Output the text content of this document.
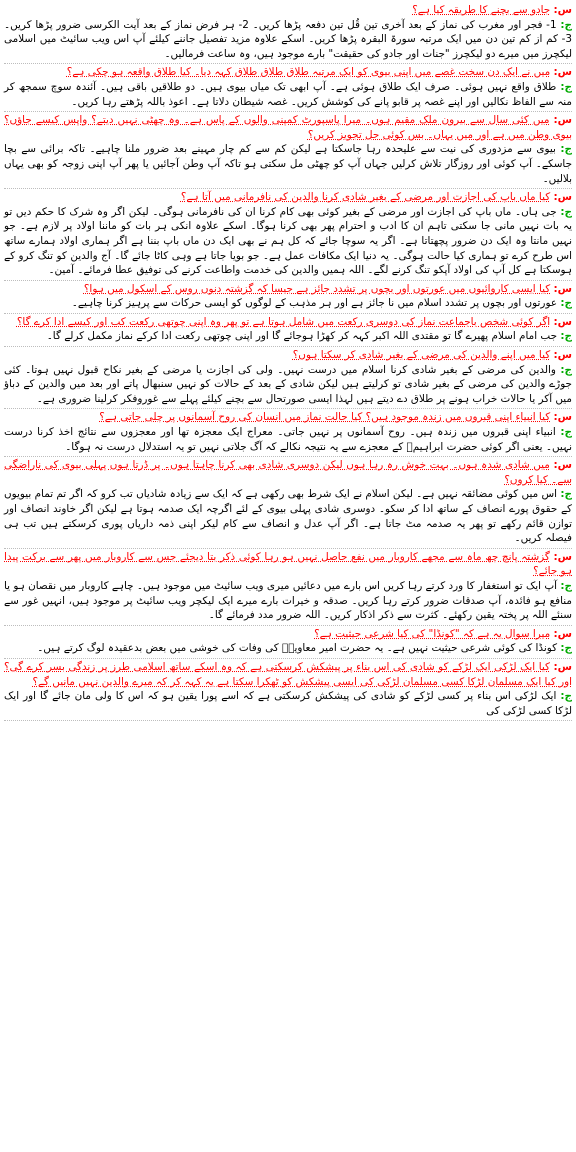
س: جادو سے بچنے کا طریقہ کیا ہے؟

ج: 1- فجر اور مغرب کی نماز کے بعد آخری تین قُل تین دفعہ پڑھا کریں۔ 2- ہر فرض نماز کے بعد آیت الکرسی ضرور پڑھا کریں۔ 3- کم از کم تین دن میں ایک مرتبہ سورۃ البقرہ پڑھا کریں۔ اسکے علاوہ مزید تفصیل جاننے کیلئے آپ اس ویب سائیٹ میں اسلامی لیکچرز میں میرے دو لیکچرز "جنات اور جادو کی حقیقت" بارے موجود ہیں، وہ ساعت فرمالیں۔

س: میں نے ایک دن سخت غصے میں اپنی بیوی کو ایک مرتبہ طلاق طلاق طلاق کہہ دیا۔ کیا طلاق واقعہ ہو چکی ہے؟

ج: طلاق واقع نہیں ہوئی۔ صرف ایک طلاق ہوئی ہے۔ آپ ابھی تک میاں بیوی ہیں۔ دو طلاقیں باقی ہیں۔ آئندہ سوچ سمجھ کر منہ سے الفاظ نکالیں اور اپنے غصہ پر قابو پانے کی کوشش کریں۔ غصہ شیطان دلاتا ہے۔ اعوذ باللہ پڑھتے رہا کریں۔

س: میں کئی سال سے بیرون ملک مقیم ہوں۔ میرا پاسپورٹ کمپنی والوں کے پاس ہے۔ وہ چھٹی نہیں دیتے؟ واپس کیسے جاؤں؟ بیوی وطن میں ہے اور میں یہاں۔ بس کوئی حل تجویز کریں؟

ج: بیوی سے مزدوری کی نیت سے علیحدہ رہا جاسکتا ہے لیکن کم سے کم چار مہینے بعد ضرور ملنا چاہیے۔ تاکہ برائی سے بچا جاسکے۔ آپ کوئی اور روزگار تلاش کرلیں جہاں آپ کو چھٹی مل سکتی ہو تاکہ آپ وطن آجائیں یا پھر آپ اپنی زوجہ کو بھی یہاں بلالیں۔

س: کیا ماں باپ کی اجازت اور مرضی کے بغیر شادی کرنا والدین کی نافرمانی میں آتا ہے؟

ج: جی ہاں۔ ماں باپ کی اجازت اور مرضی کے بغیر کوئی بھی کام کرنا ان کی نافرمانی ہوگی۔ لیکن اگر وہ شرک کا حکم دیں تو یہ بات نہیں مانی جا سکتی تاہم ان کا ادب و احترام پھر بھی کرنا ہوگا۔ اسکے علاوہ انکی ہر بات کو ماننا اولاد پر لازم ہے۔ جو نہیں مانتا وہ ایک دن ضرور پچھتاتا ہے۔ اگر یہ سوچا جائے کہ کل ہم نے بھی ایک دن ماں باپ بننا ہے اگر ہماری اولاد ہمارے ساتھ اس طرح کرے تو ہماری کیا حالت ہوگی۔ یہ دنیا ایک مکافات عمل ہے۔ جو بویا جاتا ہے وہی کاٹا جائے گا۔ آج والدین کو تنگ کرو کے ہوسکتا ہے کل آپ کی اولاد آپکو تنگ کرنے لگے۔ اللہ ہمیں والدین کی خدمت واطاعت کرنے کی توفیق عطا فرمائے۔ آمین۔

س: کیا ایسی کاروائیوں میں عورتوں اور بچوں پر تشدد جائز ہے جیسا کہ گزشتہ دنوں روس کے اسکول میں ہوا؟

ج: عورتوں اور بچوں پر تشدد اسلام میں نا جائز ہے اور ہر مذہب کے لوگوں کو ایسی حرکات سے پرہیز کرنا چاہیے۔

س: اگر کوئی شخص باجماعت نماز کی دوسری رکعت میں شامل ہوتا ہے تو پھر وہ اپنی چوتھی رکعت کب اور کیسے ادا کرے گا؟

ج: جب امام اسلام پھیرے گا تو مقتدی اللہ اکبر کہہ کر کھڑا ہوجائے گا اور اپنی چوتھی رکعت ادا کرکے نماز مکمل کرلے گا۔

س: کیا میں اپنے والدین کی مرضی کے بغیر شادی کر سکتا ہوں؟

ج: والدین کی مرضی کے بغیر شادی کرنا اسلام میں درست نہیں۔ ولی کی اجازت یا مرضی کے بغیر نکاح قبول نہیں ہوتا۔ کئی جوڑے والدین کی مرضی کے بغیر شادی تو کرلیتے ہیں لیکن شادی کے بعد کے حالات کو نہیں سنبھال پاتے اور بعد میں والدین کے دباؤ میں آکر یا حالات خراب ہونے پر طلاق دے دیتے ہیں لہذا ایسی صورتحال سے بچنے کیلئے پہلے سے غوروفکر کرلینا ضروری ہے۔

س: کیا انبیاء اپنی قبروں میں زندہ موجود ہیں؟ کیا حالت نماز میں انسان کی روح آسمانوں پر چلی جاتی ہے؟

ج: انبیاء اپنی قبروں میں زندہ ہیں۔ روح آسمانوں پر نہیں جاتی۔ معراج ایک معجزہ تھا اور معجزوں سے نتائج اخذ کرنا درست نہیں۔ یعنی اگر کوئی حضرت ابراہیمؑ کے معجزے سے یہ نتیجہ نکالے کہ آگ جلاتی نہیں تو یہ استدلال درست نہ ہوگا۔

س: میں شادی شدہ ہوں۔ بہت خوش رہ رہا ہوں لیکن دوسری شادی بھی کرنا چاہتا ہوں۔ پر ڈرتا ہوں پہلی بیوی کی ناراضگی سے۔ کیا کروں؟

ج: اس میں کوئی مضائقہ نہیں ہے۔ لیکن اسلام نے ایک شرط بھی رکھی ہے کہ ایک سے زیادہ شادیاں تب کرو کہ اگر تم تمام بیویوں کے حقوق پورے انصاف کے ساتھ ادا کر سکو۔ دوسری شادی پہلی بیوی کے لئے اگرچہ ایک صدمہ ہوتا ہے لیکن اگر خاوند انصاف اور توازن قائم رکھے تو پھر یہ صدمہ مٹ جاتا ہے۔ اگر آپ عدل و انصاف سے کام لیکر اپنی ذمہ داریاں پوری کرسکتے ہیں تب ہی فیصلہ کریں۔

س: گزشتہ پانچ چھ ماہ سے مجھے کاروبار میں نفع حاصل نہیں ہو رہا کوئی ذکر بتا دیجئے جس سے کاروبار میں پھر سے برکت پیدا ہو جائے؟

ج: آپ ایک تو استغفار کا ورد کرتے رہا کریں اس بارے میں دعائیں میری ویب سائیٹ میں موجود ہیں۔ چاہے کاروبار میں نقصان ہو یا منافع ہو فائدہ، آپ صدقات ضرور کرتے رہا کریں۔ صدقہ و خیرات بارے میرے ایک لیکچر ویب سائیٹ پر موجود ہیں، انہیں غور سے سنئے اللہ پر پختہ یقین رکھئے۔ کثرت سے ذکر اذکار کریں۔ اللہ ضرور مدد فرمائے گا۔

س: میرا سوال یہ ہے کہ "کونڈا" کی کیا شرعی حیثیت ہے؟

ج: کونڈا کی کوئی شرعی حیثیت نہیں ہے۔ یہ حضرت امیر معاویہؓ کی وفات کی خوشی میں بعض بدعقیدہ لوگ کرتے ہیں۔

س: کیا ایک لڑکی ایک لڑکے کو شادی کی اس بناء پر پیشکش کرسکتی ہے کہ وہ اسکے ساتھ اسلامی طرز پر زندگی بسر کرے گی؟ اور کیا ایک مسلمان لڑکا کسی مسلمان لڑکی کی ایسی پیشکش کو ٹھکرا سکتا ہے یہ کہہ کر کہ میرے والدین نہیں مانیں گے؟

ج: ایک لڑکی اس بناء پر کسی لڑکے کو شادی کی پیشکش کرسکتی ہے کہ اسے پورا یقین ہو کہ اس کا ولی مان جائے گا اور ایک لڑکا کسی لڑکی کی
